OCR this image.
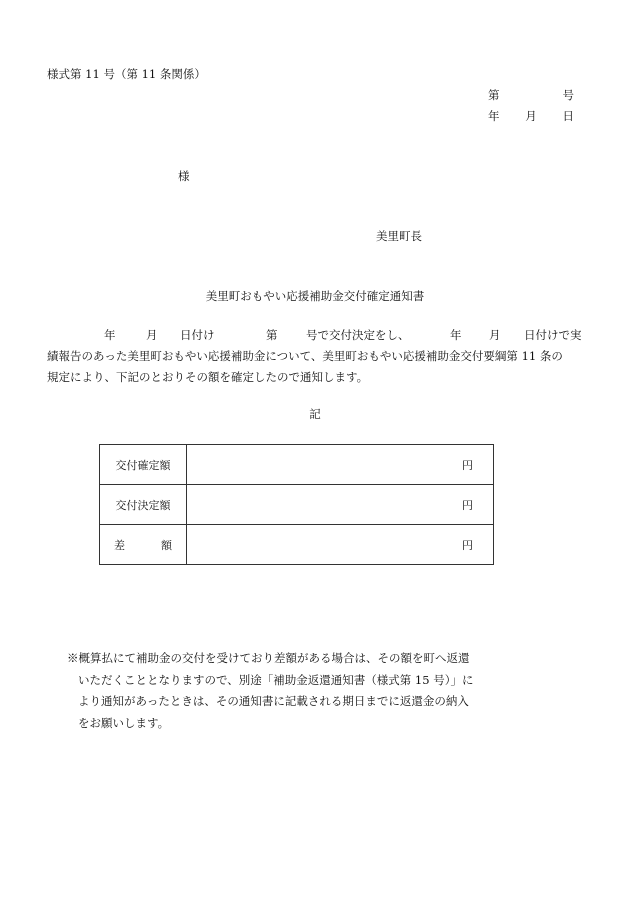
様式第 11 号（第 11 条関係）
第	号
年 月 日
様
美里町長
美里町おもやい応援補助金交付確定通知書
年	月 日付け	第 号で交付決定をし、	年 月 日付けで実
績報告のあった美里町おもやい応援補助金について、美里町おもやい応援補助金交付要綱第 11 条の
規定により、下記のとおりその額を確定したので通知します。
記
交付確定額	円
交付決定額	円

差 額	円
※概算払にて補助金の交付を受けており差額がある場合は、その額を町へ返還
いただくこととなりますので、別途「補助金返還通知書（様式第 15 号）」に
より通知があったときは、その通知書に記載される期日までに返還金の納入
をお願いします。
